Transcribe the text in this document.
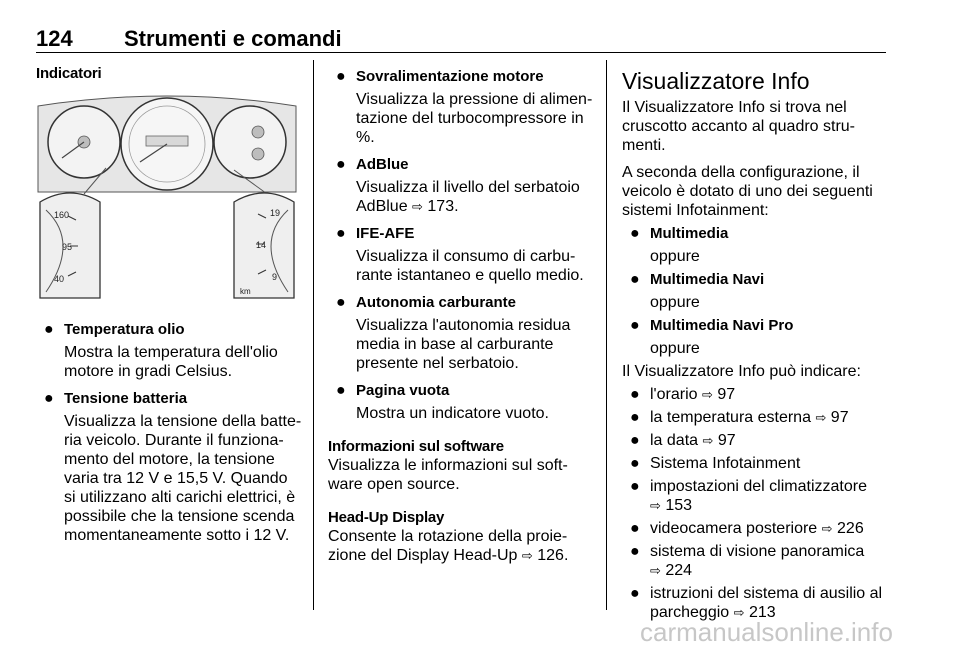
124 Strumenti e comandi
Indicatori
160
95
40
19
14
9
km
● Temperatura olio

Mostra la temperatura dell'olio

motore in gradi Celsius.

● Tensione batteria

Visualizza la tensione della batte-

ria veicolo. Durante il funziona-

mento del motore, la tensione

varia tra 12 V e 15,5 V. Quando

si utilizzano alti carichi elettrici, è

possibile che la tensione scenda

momentaneamente sotto i 12 V.

● Sovralimentazione motore

Visualizza la pressione di alimen-

tazione del turbocompressore in

%.

● AdBlue

Visualizza il livello del serbatoio

AdBlue ⇨ 173.

● IFE-AFE

Visualizza il consumo di carbu-

rante istantaneo e quello medio.

● Autonomia carburante

Visualizza l'autonomia residua

media in base al carburante

presente nel serbatoio.

● Pagina vuota

Mostra un indicatore vuoto.

Informazioni sul software

Visualizza le informazioni sul soft-

ware open source.

Head-Up Display

Consente la rotazione della proie-

zione del Display Head-Up ⇨ 126.

Visualizzatore Info

Il Visualizzatore Info si trova nel

cruscotto accanto al quadro stru-

menti.

A seconda della configurazione, il

veicolo è dotato di uno dei seguenti

sistemi Infotainment:

● Multimedia

oppure

● Multimedia Navi

oppure

● Multimedia Navi Pro

oppure

Il Visualizzatore Info può indicare:

● l'orario ⇨ 97
● la temperatura esterna ⇨ 97
● la data ⇨ 97
● Sistema Infotainment
● impostazioni del climatizzatore
⇨ 153
● videocamera posteriore ⇨ 226
● sistema di visione panoramica
⇨ 224
● istruzioni del sistema di ausilio al parcheggio ⇨ 213
carmanualsonline.info
